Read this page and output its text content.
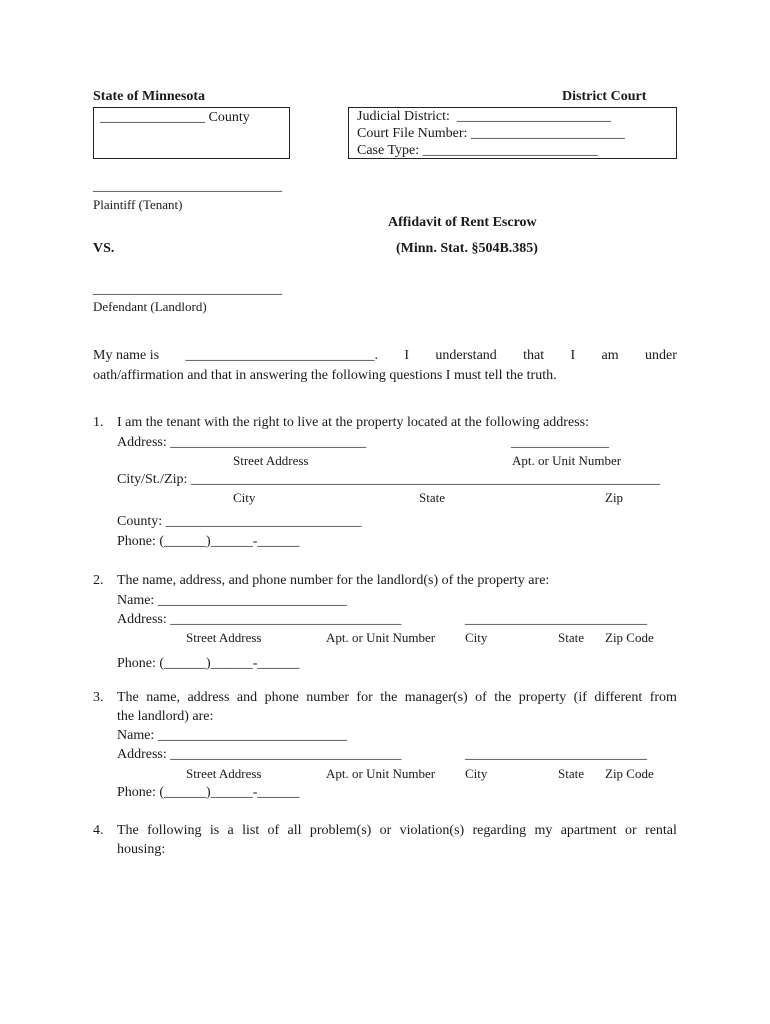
State of Minnesota	District Court
_______________ County	Judicial District:  ______________________
Court File Number: ______________________
Case Type: _________________________
___________________________
Plaintiff (Tenant)
Affidavit of Rent Escrow
VS.	(Minn. Stat. §504B.385)
___________________________
Defendant (Landlord)
My name is ___________________________. I understand that I am under
oath/affirmation and that in answering the following questions I must tell the truth.
1. I am the tenant with the right to live at the property located at the following address:
Address: ____________________________	______________
Street Address	Apt. or Unit Number
City/St./Zip: ___________________________________________________________________
City	State	Zip
County: ____________________________
Phone: (______)______-______
2. The name, address, and phone number for the landlord(s) of the property are:
Name: ___________________________
Address: _________________________________	__________________________
Street Address	Apt. or Unit Number City	State Zip Code
Phone: (______)______-______
3. The name, address and phone number for the manager(s) of the property (if different from
the landlord) are:
Name: ___________________________
Address: _________________________________	__________________________
Street Address	Apt. or Unit Number City	State Zip Code
Phone: (______)______-______
4. The following is a list of all problem(s) or violation(s) regarding my apartment or rental
housing:
